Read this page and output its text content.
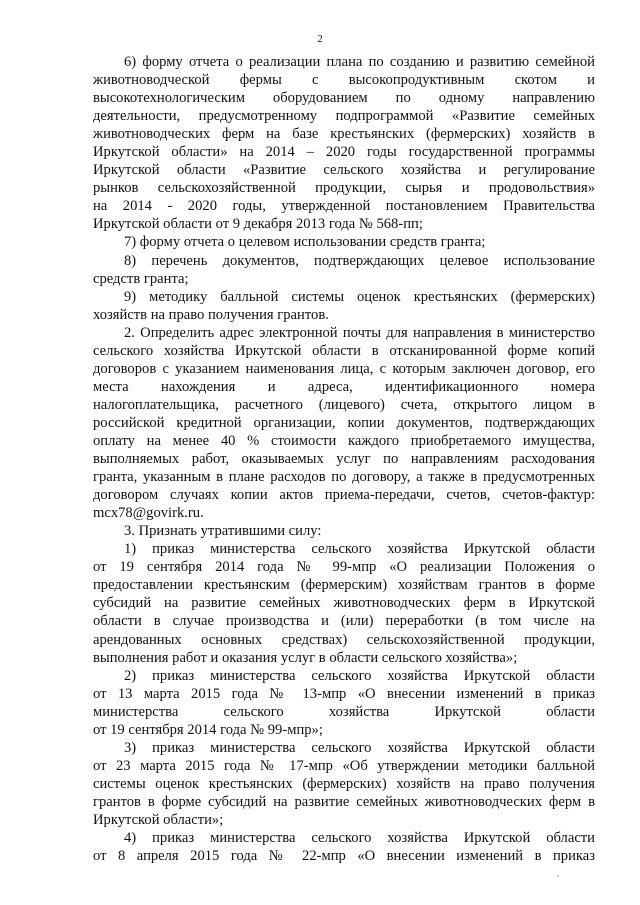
2
6) форму отчета о реализации плана по созданию и развитию семейной
животноводческой фермы с высокопродуктивным скотом и
высокотехнологическим оборудованием по одному направлению
деятельности, предусмотренному подпрограммой «Развитие семейных
животноводческих ферм на базе крестьянских (фермерских) хозяйств в
Иркутской области» на 2014 – 2020 годы государственной программы
Иркутской области «Развитие сельского хозяйства и регулирование
рынков сельскохозяйственной продукции, сырья и продовольствия»
на 2014 - 2020 годы, утвержденной постановлением Правительства
Иркутской области от 9 декабря 2013 года № 568-пп;
7) форму отчета о целевом использовании средств гранта;
8) перечень документов, подтверждающих целевое использование
средств гранта;
9) методику балльной системы оценок крестьянских (фермерских)
хозяйств на право получения грантов.
2. Определить адрес электронной почты для направления в министерство
сельского хозяйства Иркутской области в отсканированной форме копий
договоров с указанием наименования лица, с которым заключен договор, его
места нахождения и адреса, идентификационного номера
налогоплательщика, расчетного (лицевого) счета, открытого лицом в
российской кредитной организации, копии документов, подтверждающих
оплату на менее 40 % стоимости каждого приобретаемого имущества,
выполняемых работ, оказываемых услуг по направлениям расходования
гранта, указанным в плане расходов по договору, а также в предусмотренных
договором случаях копии актов приема-передачи, счетов, счетов-фактур:
mcx78@govirk.ru.
3. Признать утратившими силу:
1) приказ министерства сельского хозяйства Иркутской области
от 19 сентября 2014 года № 99-мпр «О реализации Положения о
предоставлении крестьянским (фермерским) хозяйствам грантов в форме
субсидий на развитие семейных животноводческих ферм в Иркутской
области в случае производства и (или) переработки (в том числе на
арендованных основных средствах) сельскохозяйственной продукции,
выполнения работ и оказания услуг в области сельского хозяйства»;
2) приказ министерства сельского хозяйства Иркутской области
от 13 марта 2015 года № 13-мпр «О внесении изменений в приказ
министерства сельского хозяйства Иркутской области
от 19 сентября 2014 года № 99-мпр»;
3) приказ министерства сельского хозяйства Иркутской области
от 23 марта 2015 года № 17-мпр «Об утверждении методики балльной
системы оценок крестьянских (фермерских) хозяйств на право получения
грантов в форме субсидий на развитие семейных животноводческих ферм в
Иркутской области»;
4) приказ министерства сельского хозяйства Иркутской области
от 8 апреля 2015 года № 22-мпр «О внесении изменений в приказ
